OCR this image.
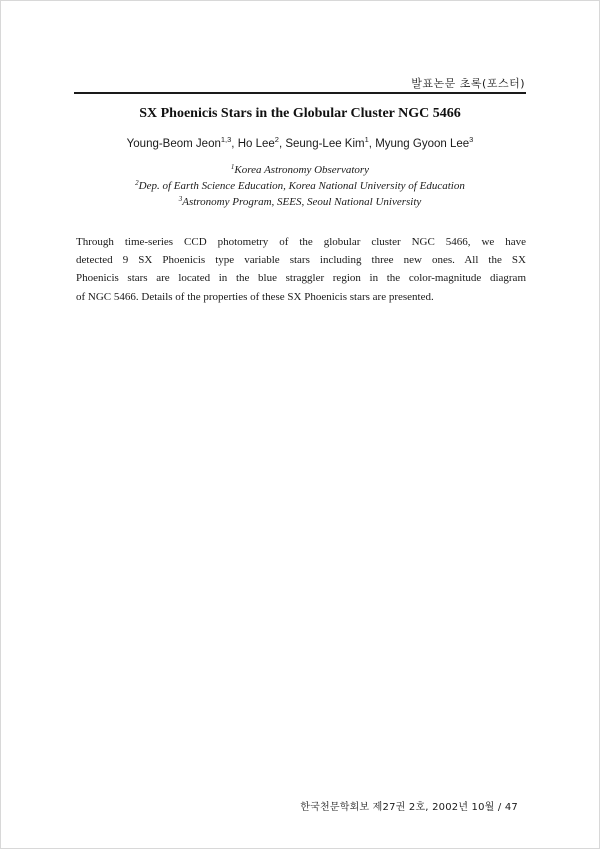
발표논문 초록(포스터)
SX Phoenicis Stars in the Globular Cluster NGC 5466
Young-Beom Jeon$^{1,3}$, Ho Lee$^2$, Seung-Lee Kim$^1$, Myung Gyoon Lee$^3$
$^1$Korea Astronomy Observatory
$^2$Dep. of Earth Science Education, Korea National University of Education
$^3$Astronomy Program, SEES, Seoul National University
Through time-series CCD photometry of the globular cluster NGC 5466, we have
detected 9 SX Phoenicis type variable stars including three new ones. All the SX
Phoenicis stars are located in the blue straggler region in the color-magnitude diagram
of NGC 5466. Details of the properties of these SX Phoenicis stars are presented.
한국천문학회보 제27권 2호, 2002년 10월 / 47
